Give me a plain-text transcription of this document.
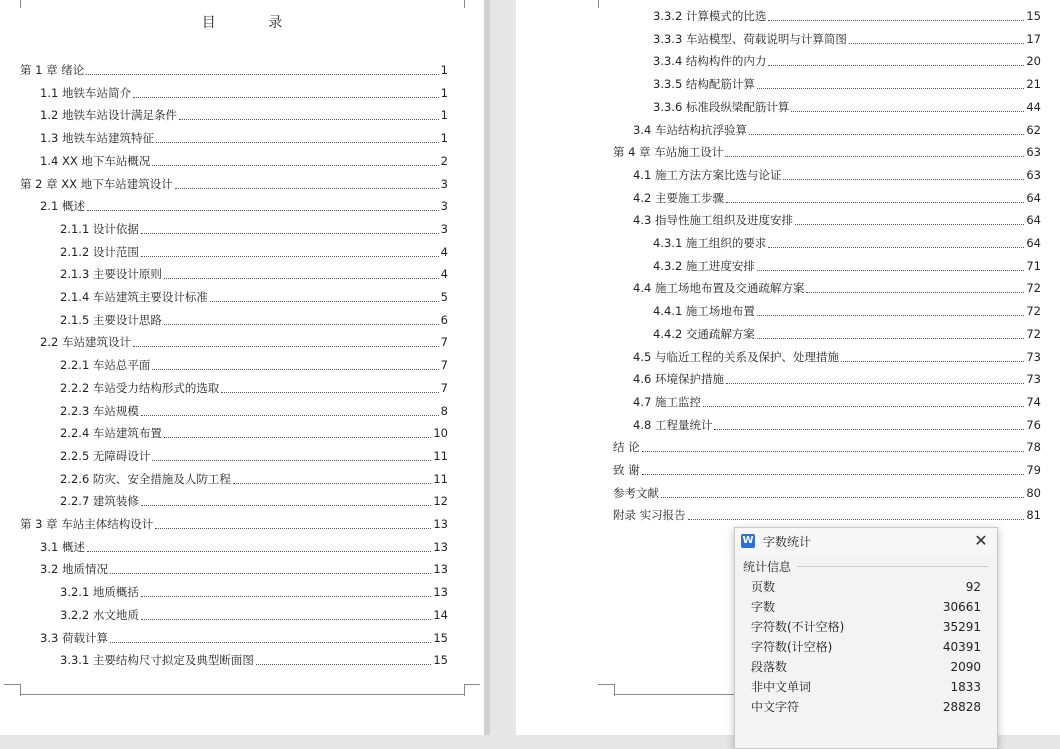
目	录
第 1 章 绪论	1
1.1 地铁车站简介	1
1.2 地铁车站设计满足条件	1
1.3 地铁车站建筑特征	1
1.4 XX 地下车站概况	2
第 2 章 XX 地下车站建筑设计	3
2.1 概述	3
2.1.1 设计依据	3
2.1.2 设计范围	4
2.1.3 主要设计原则	4
2.1.4 车站建筑主要设计标准	5
2.1.5 主要设计思路	6
2.2 车站建筑设计	7
2.2.1 车站总平面	7
2.2.2 车站受力结构形式的选取	7
2.2.3 车站规模	8
2.2.4 车站建筑布置	10
2.2.5 无障碍设计	11
2.2.6 防灾、安全措施及人防工程	11
2.2.7 建筑装修	12
第 3 章 车站主体结构设计	13
3.1 概述	13
3.2 地质情况	13
3.2.1 地质概括	13
3.2.2 水文地质	14
3.3 荷载计算	15
3.3.1 主要结构尺寸拟定及典型断面图	15
3.3.2 计算模式的比选	15
3.3.3 车站模型、荷载说明与计算简图	17
3.3.4 结构构件的内力	20
3.3.5 结构配筋计算	21
3.3.6 标准段纵梁配筋计算	44
3.4 车站结构抗浮验算	62
第 4 章 车站施工设计	63
4.1 施工方法方案比选与论证	63
4.2 主要施工步骤	64
4.3 指导性施工组织及进度安排	64
4.3.1 施工组织的要求	64
4.3.2 施工进度安排	71
4.4 施工场地布置及交通疏解方案	72
4.4.1 施工场地布置	72
4.4.2 交通疏解方案	72
4.5 与临近工程的关系及保护、处理措施	73
4.6 环境保护措施	73
4.7 施工监控	74
4.8 工程量统计	76
结 论	78
致 谢	79
参考文献	80
附录 实习报告	81
W 字数统计	✕
统计信息
页数	92
字数	30661
字符数(不计空格)	35291
字符数(计空格)	40391
段落数	2090
非中文单词	1833
中文字符	28828
